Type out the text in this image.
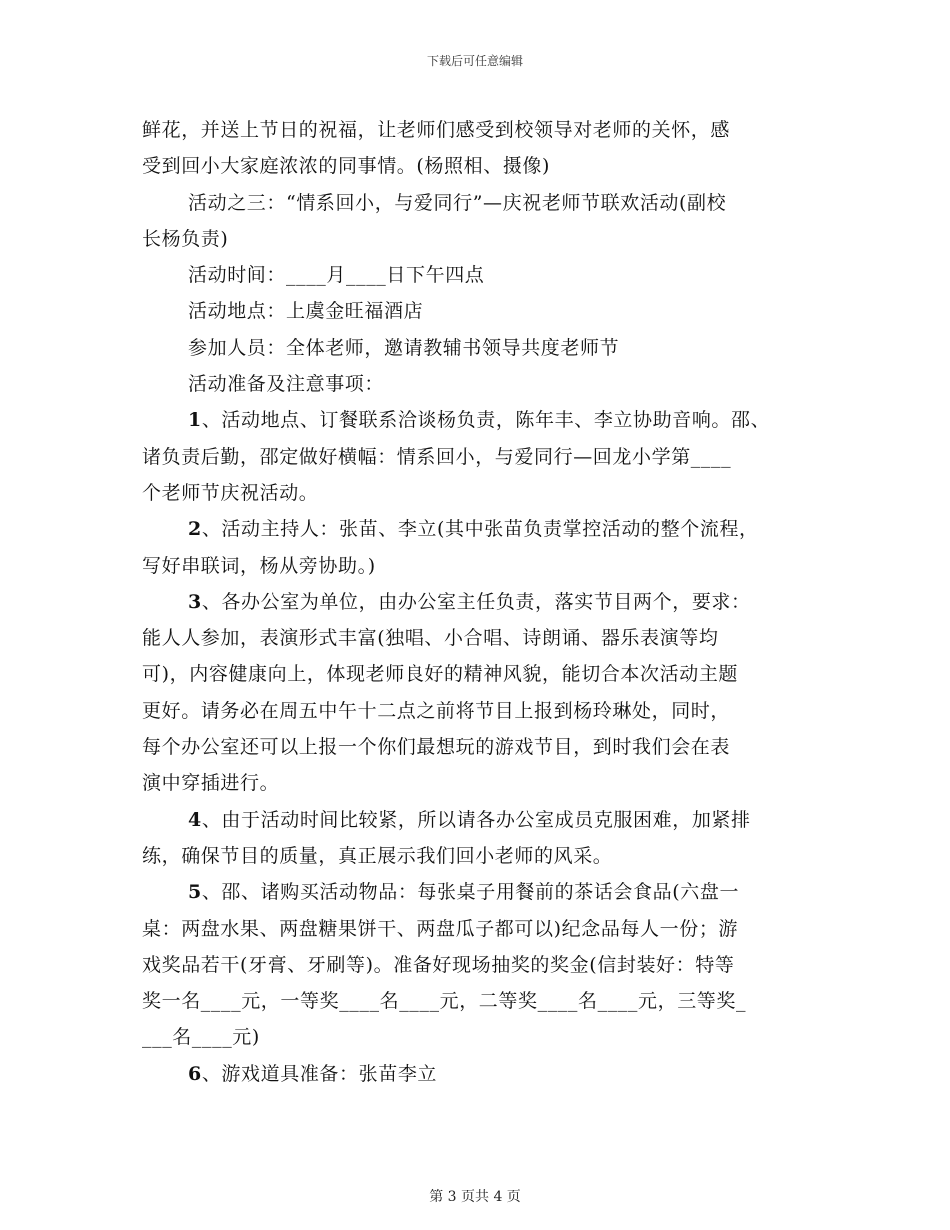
下载后可任意编辑
鲜花，并送上节日的祝福，让老师们感受到校领导对老师的关怀，感
受到回小大家庭浓浓的同事情。(杨照相、摄像)
活动之三：“情系回小，与爱同行”—庆祝老师节联欢活动(副校
长杨负责)
活动时间：____月____日下午四点
活动地点：上虞金旺福酒店
参加人员：全体老师，邀请教辅书领导共度老师节
活动准备及注意事项：
1、活动地点、订餐联系洽谈杨负责，陈年丰、李立协助音响。邵、
诸负责后勤，邵定做好横幅：情系回小，与爱同行—回龙小学第____
个老师节庆祝活动。
2、活动主持人：张苗、李立(其中张苗负责掌控活动的整个流程，
写好串联词，杨从旁协助。)
3、各办公室为单位，由办公室主任负责，落实节目两个，要求：
能人人参加，表演形式丰富(独唱、小合唱、诗朗诵、器乐表演等均
可)，内容健康向上，体现老师良好的精神风貌，能切合本次活动主题
更好。请务必在周五中午十二点之前将节目上报到杨玲琳处，同时，
每个办公室还可以上报一个你们最想玩的游戏节目，到时我们会在表
演中穿插进行。
4、由于活动时间比较紧，所以请各办公室成员克服困难，加紧排
练，确保节目的质量，真正展示我们回小老师的风采。
5、邵、诸购买活动物品：每张桌子用餐前的茶话会食品(六盘一
桌：两盘水果、两盘糖果饼干、两盘瓜子都可以)纪念品每人一份；游
戏奖品若干(牙膏、牙刷等)。准备好现场抽奖的奖金(信封装好：特等
奖一名____元，一等奖____名____元，二等奖____名____元，三等奖_
___名____元)
6、游戏道具准备：张苗李立
第 3 页共 4 页
